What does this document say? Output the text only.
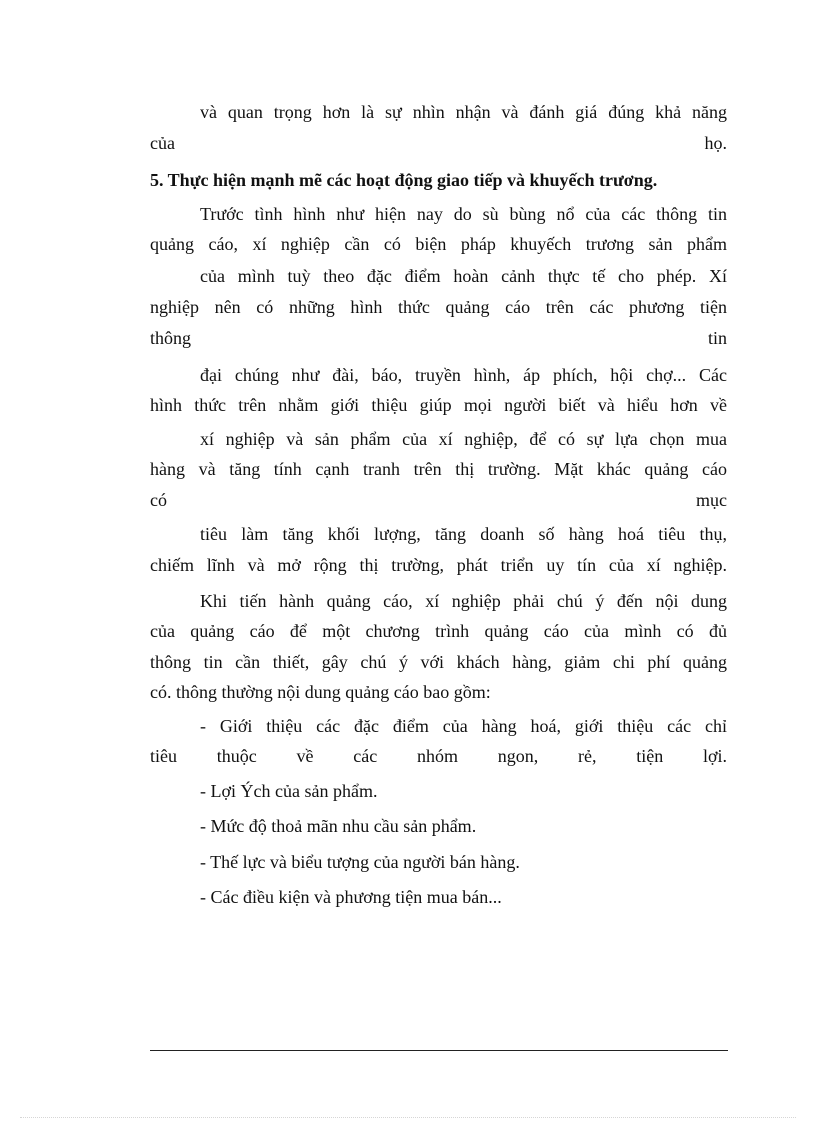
và quan trọng hơn là sự nhìn nhận và đánh giá đúng khả năng
của họ.
5. Thực hiện mạnh mẽ các hoạt động giao tiếp và khuyếch trương.
Trước tình hình như hiện nay do sù bùng nổ của các thông tin
quảng cáo, xí nghiệp cần có biện pháp khuyếch trương sản phẩm
của mình tuỳ theo đặc điểm hoàn cảnh thực tế cho phép. Xí
nghiệp nên có những hình thức quảng cáo trên các phương tiện
thông tin
đại chúng như đài, báo, truyền hình, áp phích, hội chợ... Các
hình thức trên nhằm giới thiệu giúp mọi người biết và hiểu hơn về
xí nghiệp và sản phẩm của xí nghiệp, để có sự lựa chọn mua
hàng và tăng tính cạnh tranh trên thị trường. Mặt khác quảng cáo
có mục
tiêu làm tăng khối lượng, tăng doanh số hàng hoá tiêu thụ,
chiếm lĩnh và mở rộng thị trường, phát triển uy tín của xí nghiệp.
Khi tiến hành quảng cáo, xí nghiệp phải chú ý đến nội dung
của quảng cáo để một chương trình quảng cáo của mình có đủ
thông tin cần thiết, gây chú ý với khách hàng, giảm chi phí quảng
có. thông thường nội dung quảng cáo bao gồm:
- Giới thiệu các đặc điểm của hàng hoá, giới thiệu các chỉ
tiêu thuộc về các nhóm ngon, rẻ, tiện lợi.
- Lợi Ých của sản phẩm.
- Mức độ thoả mãn nhu cầu sản phẩm.
- Thế lực và biểu tượng của người bán hàng.
- Các điều kiện và phương tiện mua bán...
